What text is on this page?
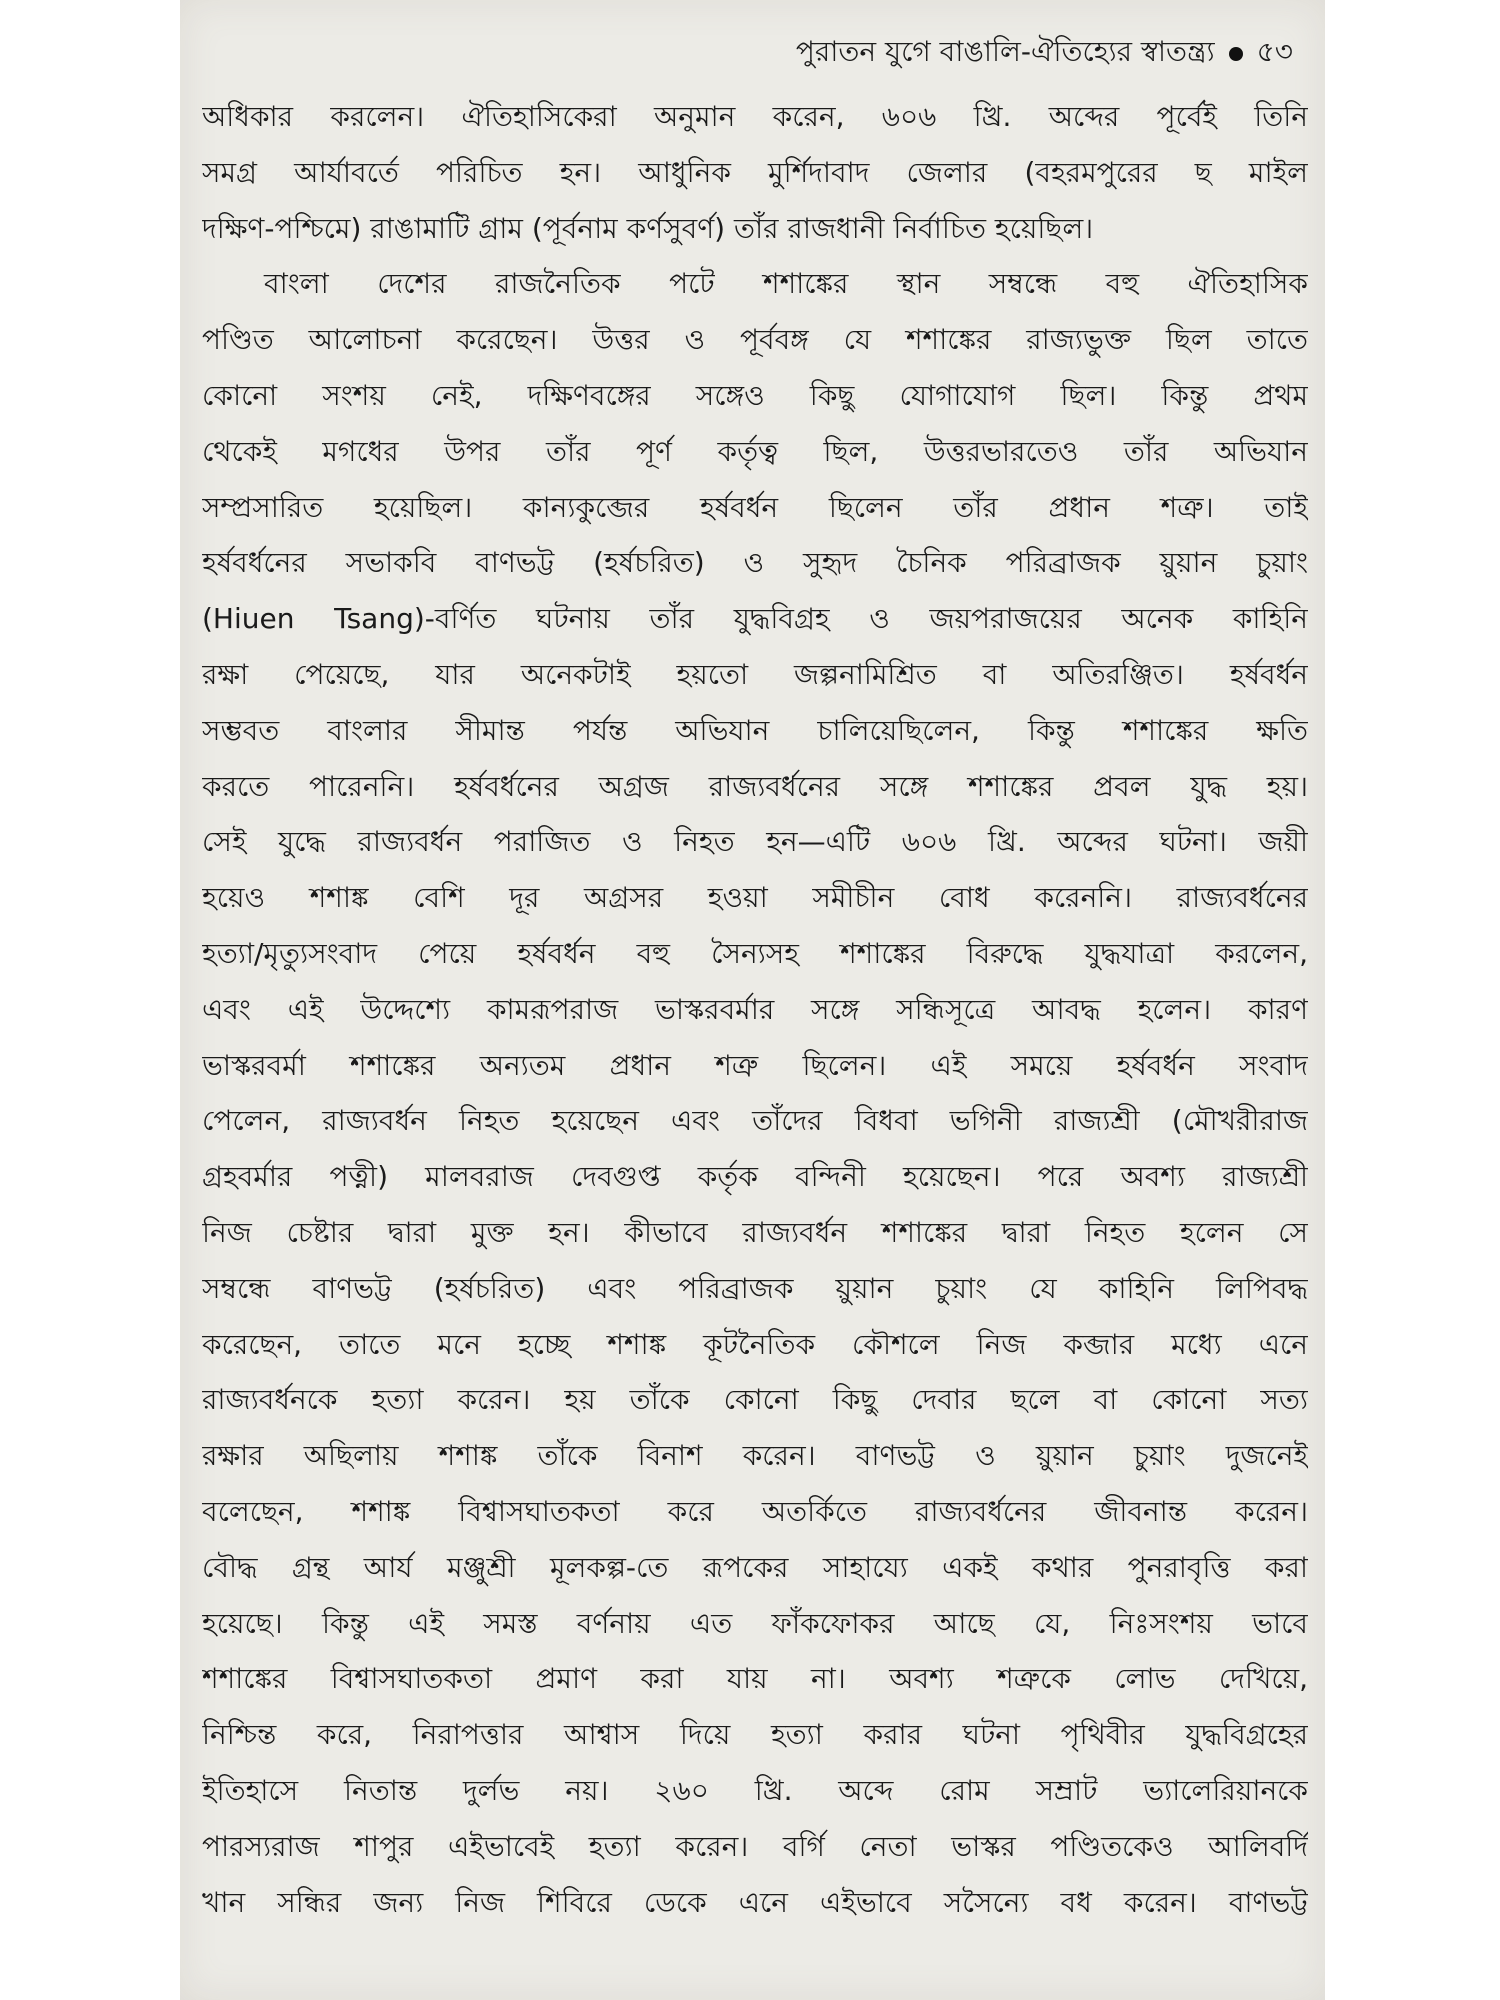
পুরাতন যুগে বাঙালি-ঐতিহ্যের স্বাতন্ত্র্য ৫৩
অধিকার করলেন। ঐতিহাসিকেরা অনুমান করেন, ৬০৬ খ্রি. অব্দের পূর্বেই তিনি
সমগ্র আর্যাবর্তে পরিচিত হন। আধুনিক মুর্শিদাবাদ জেলার (বহরমপুরের ছ মাইল
দক্ষিণ-পশ্চিমে) রাঙামাটি গ্রাম (পূর্বনাম কর্ণসুবর্ণ) তাঁর রাজধানী নির্বাচিত হয়েছিল।
বাংলা দেশের রাজনৈতিক পটে শশাঙ্কের স্থান সম্বন্ধে বহু ঐতিহাসিক
পণ্ডিত আলোচনা করেছেন। উত্তর ও পূর্ববঙ্গ যে শশাঙ্কের রাজ্যভুক্ত ছিল তাতে
কোনো সংশয় নেই, দক্ষিণবঙ্গের সঙ্গেও কিছু যোগাযোগ ছিল। কিন্তু প্রথম
থেকেই মগধের উপর তাঁর পূর্ণ কর্তৃত্ব ছিল, উত্তরভারতেও তাঁর অভিযান
সম্প্রসারিত হয়েছিল। কান্যকুব্জের হর্ষবর্ধন ছিলেন তাঁর প্রধান শত্রু। তাই
হর্ষবর্ধনের সভাকবি বাণভট্ট (হর্ষচরিত) ও সুহৃদ চৈনিক পরিব্রাজক য়ুয়ান চুয়াং
(Hiuen Tsang)-বর্ণিত ঘটনায় তাঁর যুদ্ধবিগ্রহ ও জয়পরাজয়ের অনেক কাহিনি
রক্ষা পেয়েছে, যার অনেকটাই হয়তো জল্পনামিশ্রিত বা অতিরঞ্জিত। হর্ষবর্ধন
সম্ভবত বাংলার সীমান্ত পর্যন্ত অভিযান চালিয়েছিলেন, কিন্তু শশাঙ্কের ক্ষতি
করতে পারেননি। হর্ষবর্ধনের অগ্রজ রাজ্যবর্ধনের সঙ্গে শশাঙ্কের প্রবল যুদ্ধ হয়।
সেই যুদ্ধে রাজ্যবর্ধন পরাজিত ও নিহত হন—এটি ৬০৬ খ্রি. অব্দের ঘটনা। জয়ী
হয়েও শশাঙ্ক বেশি দূর অগ্রসর হওয়া সমীচীন বোধ করেননি। রাজ্যবর্ধনের
হত্যা/মৃত্যুসংবাদ পেয়ে হর্ষবর্ধন বহু সৈন্যসহ শশাঙ্কের বিরুদ্ধে যুদ্ধযাত্রা করলেন,
এবং এই উদ্দেশ্যে কামরূপরাজ ভাস্করবর্মার সঙ্গে সন্ধিসূত্রে আবদ্ধ হলেন। কারণ
ভাস্করবর্মা শশাঙ্কের অন্যতম প্রধান শত্রু ছিলেন। এই সময়ে হর্ষবর্ধন সংবাদ
পেলেন, রাজ্যবর্ধন নিহত হয়েছেন এবং তাঁদের বিধবা ভগিনী রাজ্যশ্রী (মৌখরীরাজ
গ্রহবর্মার পত্নী) মালবরাজ দেবগুপ্ত কর্তৃক বন্দিনী হয়েছেন। পরে অবশ্য রাজ্যশ্রী
নিজ চেষ্টার দ্বারা মুক্ত হন। কীভাবে রাজ্যবর্ধন শশাঙ্কের দ্বারা নিহত হলেন সে
সম্বন্ধে বাণভট্ট (হর্ষচরিত) এবং পরিব্রাজক য়ুয়ান চুয়াং যে কাহিনি লিপিবদ্ধ
করেছেন, তাতে মনে হচ্ছে শশাঙ্ক কূটনৈতিক কৌশলে নিজ কব্জার মধ্যে এনে
রাজ্যবর্ধনকে হত্যা করেন। হয় তাঁকে কোনো কিছু দেবার ছলে বা কোনো সত্য
রক্ষার অছিলায় শশাঙ্ক তাঁকে বিনাশ করেন। বাণভট্ট ও য়ুয়ান চুয়াং দুজনেই
বলেছেন, শশাঙ্ক বিশ্বাসঘাতকতা করে অতর্কিতে রাজ্যবর্ধনের জীবনান্ত করেন।
বৌদ্ধ গ্রন্থ আর্য মঞ্জুশ্রী মূলকল্প-তে রূপকের সাহায্যে একই কথার পুনরাবৃত্তি করা
হয়েছে। কিন্তু এই সমস্ত বর্ণনায় এত ফাঁকফোকর আছে যে, নিঃসংশয় ভাবে
শশাঙ্কের বিশ্বাসঘাতকতা প্রমাণ করা যায় না। অবশ্য শত্রুকে লোভ দেখিয়ে,
নিশ্চিন্ত করে, নিরাপত্তার আশ্বাস দিয়ে হত্যা করার ঘটনা পৃথিবীর যুদ্ধবিগ্রহের
ইতিহাসে নিতান্ত দুর্লভ নয়। ২৬০ খ্রি. অব্দে রোম সম্রাট ভ্যালেরিয়ানকে
পারস্যরাজ শাপুর এইভাবেই হত্যা করেন। বর্গি নেতা ভাস্কর পণ্ডিতকেও আলিবর্দি
খান সন্ধির জন্য নিজ শিবিরে ডেকে এনে এইভাবে সসৈন্যে বধ করেন। বাণভট্ট
